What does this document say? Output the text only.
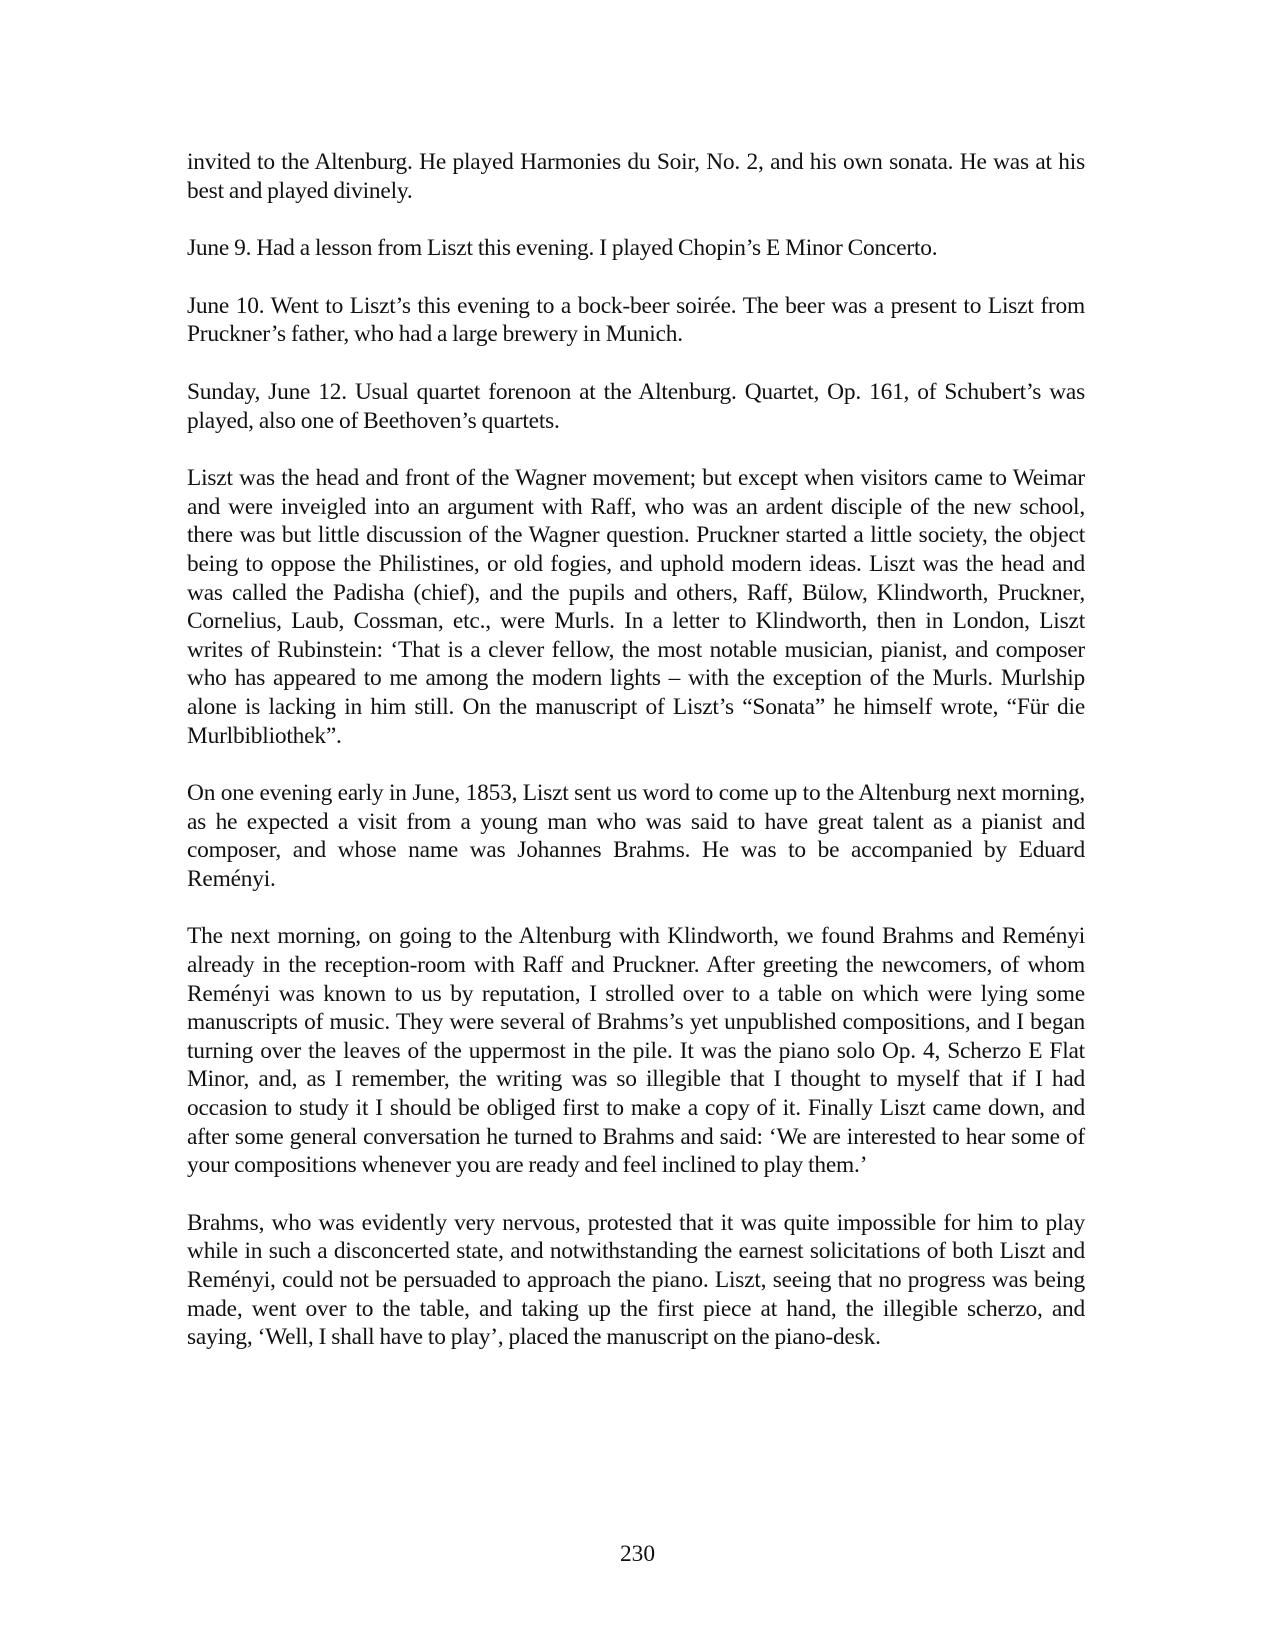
invited to the Altenburg. He played Harmonies du Soir, No. 2, and his own sonata. He was at his best and played divinely.

June 9. Had a lesson from Liszt this evening. I played Chopin’s E Minor Concerto.

June 10. Went to Liszt’s this evening to a bock-beer soirée. The beer was a present to Liszt from Pruckner’s father, who had a large brewery in Munich.

Sunday, June 12. Usual quartet forenoon at the Altenburg. Quartet, Op. 161, of Schubert’s was played, also one of Beethoven’s quartets.

Liszt was the head and front of the Wagner movement; but except when visitors came to Weimar and were inveigled into an argument with Raff, who was an ardent disciple of the new school, there was but little discussion of the Wagner question. Pruckner started a little society, the object being to oppose the Philistines, or old fogies, and uphold modern ideas. Liszt was the head and was called the Padisha (chief), and the pupils and others, Raff, Bülow, Klindworth, Pruckner, Cornelius, Laub, Cossman, etc., were Murls. In a letter to Klindworth, then in London, Liszt writes of Rubinstein: ‘That is a clever fellow, the most notable musician, pianist, and composer who has appeared to me among the modern lights – with the exception of the Murls. Murlship alone is lacking in him still. On the manuscript of Liszt’s “Sonata” he himself wrote, “Für die Murlbibliothek”.

On one evening early in June, 1853, Liszt sent us word to come up to the Altenburg next morning, as he expected a visit from a young man who was said to have great talent as a pianist and composer, and whose name was Johannes Brahms. He was to be accompanied by Eduard Reményi.

The next morning, on going to the Altenburg with Klindworth, we found Brahms and Reményi already in the reception-room with Raff and Pruckner. After greeting the newcomers, of whom Reményi was known to us by reputation, I strolled over to a table on which were lying some manuscripts of music. They were several of Brahms’s yet unpublished compositions, and I began turning over the leaves of the uppermost in the pile. It was the piano solo Op. 4, Scherzo E Flat Minor, and, as I remember, the writing was so illegible that I thought to myself that if I had occasion to study it I should be obliged first to make a copy of it. Finally Liszt came down, and after some general conversation he turned to Brahms and said: ‘We are interested to hear some of your compositions whenever you are ready and feel inclined to play them.’

Brahms, who was evidently very nervous, protested that it was quite impossible for him to play while in such a disconcerted state, and notwithstanding the earnest solicitations of both Liszt and Reményi, could not be persuaded to approach the piano. Liszt, seeing that no progress was being made, went over to the table, and taking up the first piece at hand, the illegible scherzo, and saying, ‘Well, I shall have to play’, placed the manuscript on the piano-desk.

230
